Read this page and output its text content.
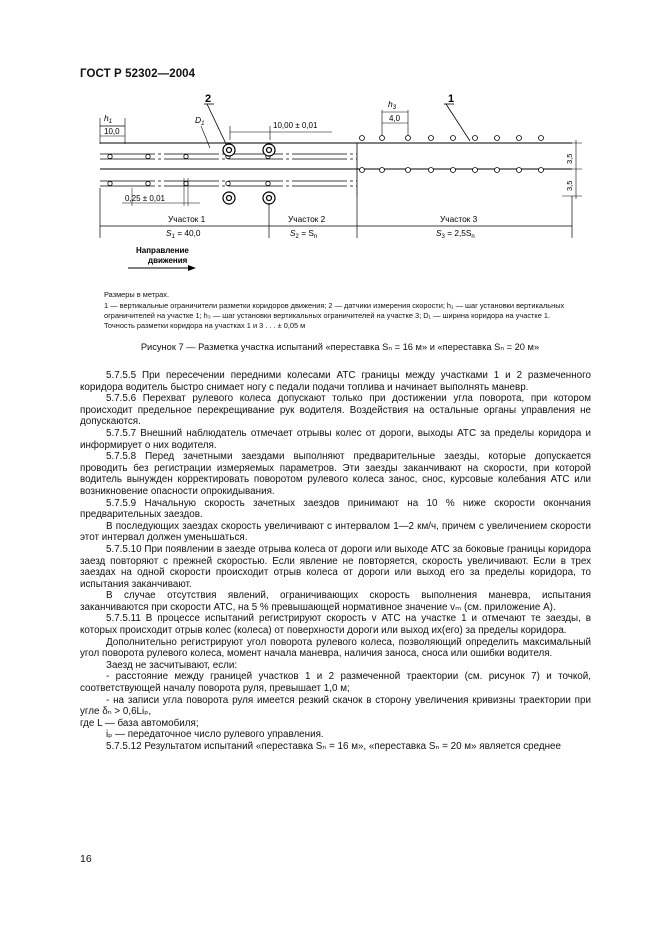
ГОСТ Р 52302—2004
2	1
$h_1$
10,0
$D_1$	10,00 ± 0,01
$h_3$
4,0
3,5
3,5
0,25 ± 0,01
Участок 1
$S_1 = 40,0$
Участок 2
$S_2 = S_n$
Участок 3
$S_3 = 2,5S_n$
Направление
движения

Размеры в метрах.

1 — вертикальные ограничители разметки коридоров движения; 2 — датчики измерения скорости; h₁ — шаг установки вертикальных ограничителей на участке 1; h₃ — шаг установки вертикальных ограничителей на участке 3; D₁ — ширина коридора на участке 1.

Точность разметки коридора на участках 1 и 3 . . . ± 0,05 м

Рисунок 7 — Разметка участка испытаний «переставка Sₙ = 16 м» и «переставка Sₙ = 20 м»

5.7.5.5 При пересечении передними колесами АТС границы между участками 1 и 2 размеченного коридора водитель быстро снимает ногу с педали подачи топлива и начинает выполнять маневр.

5.7.5.6 Перехват рулевого колеса допускают только при достижении угла поворота, при котором происходит предельное перекрещивание рук водителя. Воздействия на остальные органы управления не допускаются.

5.7.5.7 Внешний наблюдатель отмечает отрывы колес от дороги, выходы АТС за пределы коридора и информирует о них водителя.

5.7.5.8 Перед зачетными заездами выполняют предварительные заезды, которые допускается проводить без регистрации измеряемых параметров. Эти заезды заканчивают на скорости, при которой водитель вынужден корректировать поворотом рулевого колеса занос, снос, курсовые колебания АТС или возникновение опасности опрокидывания.

5.7.5.9 Начальную скорость зачетных заездов принимают на 10 % ниже скорости окончания предварительных заездов.

В последующих заездах скорость увеличивают с интервалом 1—2 км/ч, причем с увеличением скорости этот интервал должен уменьшаться.

5.7.5.10 При появлении в заезде отрыва колеса от дороги или выходе АТС за боковые границы коридора заезд повторяют с прежней скоростью. Если явление не повторяется, скорость увеличивают. Если в трех заездах на одной скорости происходит отрыв колеса от дороги или выход его за пределы коридора, то испытания заканчивают.

В случае отсутствия явлений, ограничивающих скорость выполнения маневра, испытания заканчиваются при скорости АТС, на 5 % превышающей нормативное значение vₘ (см. приложение А).

5.7.5.11 В процессе испытаний регистрируют скорость v АТС на участке 1 и отмечают те заезды, в которых происходит отрыв колес (колеса) от поверхности дороги или выход их(его) за пределы коридора.

Дополнительно регистрируют угол поворота рулевого колеса, позволяющий определить максимальный угол поворота рулевого колеса, момент начала маневра, наличия заноса, сноса или ошибки водителя.

Заезд не засчитывают, если:

- расстояние между границей участков 1 и 2 размеченной траектории (см. рисунок 7) и точкой, соответствующей началу поворота руля, превышает 1,0 м;

- на записи угла поворота руля имеется резкий скачок в сторону увеличения кривизны траектории при угле δₙ > 0,6Liₚ,

где L — база автомобиля;

iₚ — передаточное число рулевого управления.

5.7.5.12 Результатом испытаний «переставка Sₙ = 16 м», «переставка Sₙ = 20 м» является среднее

16
